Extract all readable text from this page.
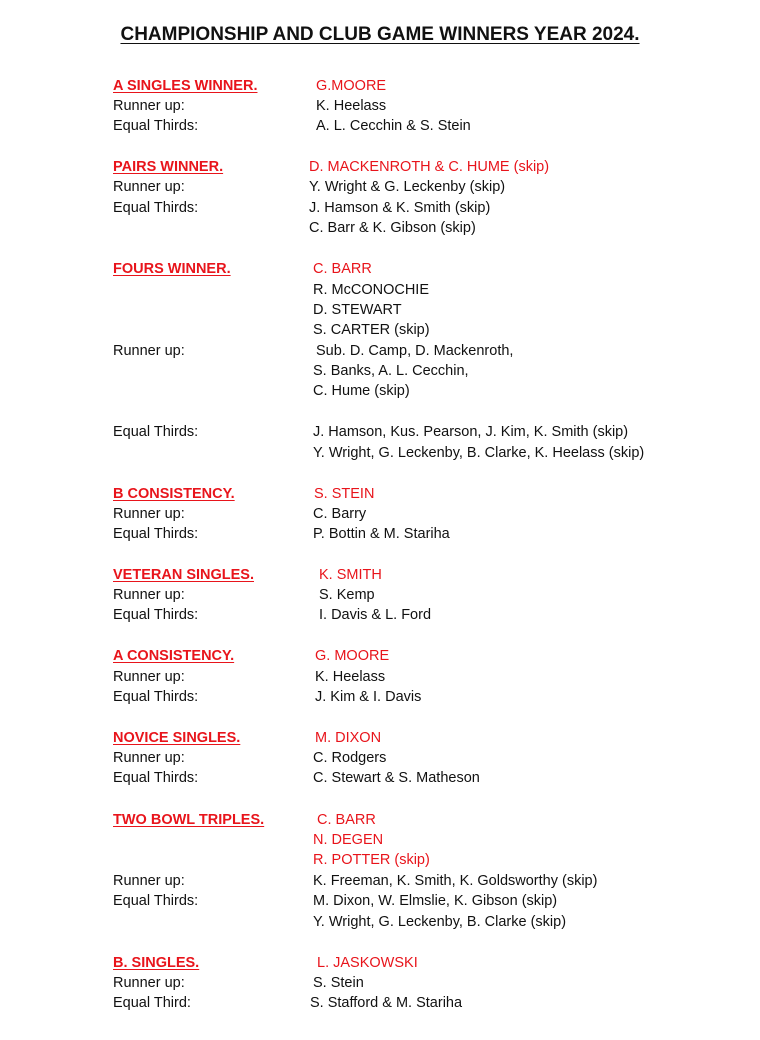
CHAMPIONSHIP AND CLUB GAME WINNERS YEAR 2024.
A SINGLES WINNER.	G.MOORE
Runner up:	K. Heelass
Equal Thirds:	A. L. Cecchin & S. Stein
PAIRS WINNER.	D. MACKENROTH & C. HUME (skip)
Runner up:	Y. Wright & G. Leckenby (skip)
Equal Thirds:	J. Hamson & K. Smith (skip)
C. Barr & K. Gibson (skip)
FOURS WINNER.	C. BARR
R. McCONOCHIE
D. STEWART
S. CARTER (skip)
Runner up:	Sub. D. Camp, D. Mackenroth,
S. Banks, A. L. Cecchin,
C. Hume (skip)
Equal Thirds:	J. Hamson, Kus. Pearson, J. Kim, K. Smith (skip)
Y. Wright, G. Leckenby, B. Clarke, K. Heelass (skip)
B CONSISTENCY.	S. STEIN
Runner up:	C. Barry
Equal Thirds:	P. Bottin & M. Stariha
VETERAN SINGLES.	K. SMITH
Runner up:	S. Kemp
Equal Thirds:	I. Davis & L. Ford
A CONSISTENCY.	G. MOORE
Runner up:	K. Heelass
Equal Thirds:	J. Kim & I. Davis
NOVICE SINGLES.	M. DIXON
Runner up:	C. Rodgers
Equal Thirds:	C. Stewart & S. Matheson
TWO BOWL TRIPLES.	C. BARR
N. DEGEN
R. POTTER (skip)
Runner up:	K. Freeman, K. Smith, K. Goldsworthy (skip)
Equal Thirds:	M. Dixon, W. Elmslie, K. Gibson (skip)
Y. Wright, G. Leckenby, B. Clarke (skip)
B. SINGLES.	L. JASKOWSKI
Runner up:	S. Stein
Equal Third:	S. Stafford & M. Stariha
